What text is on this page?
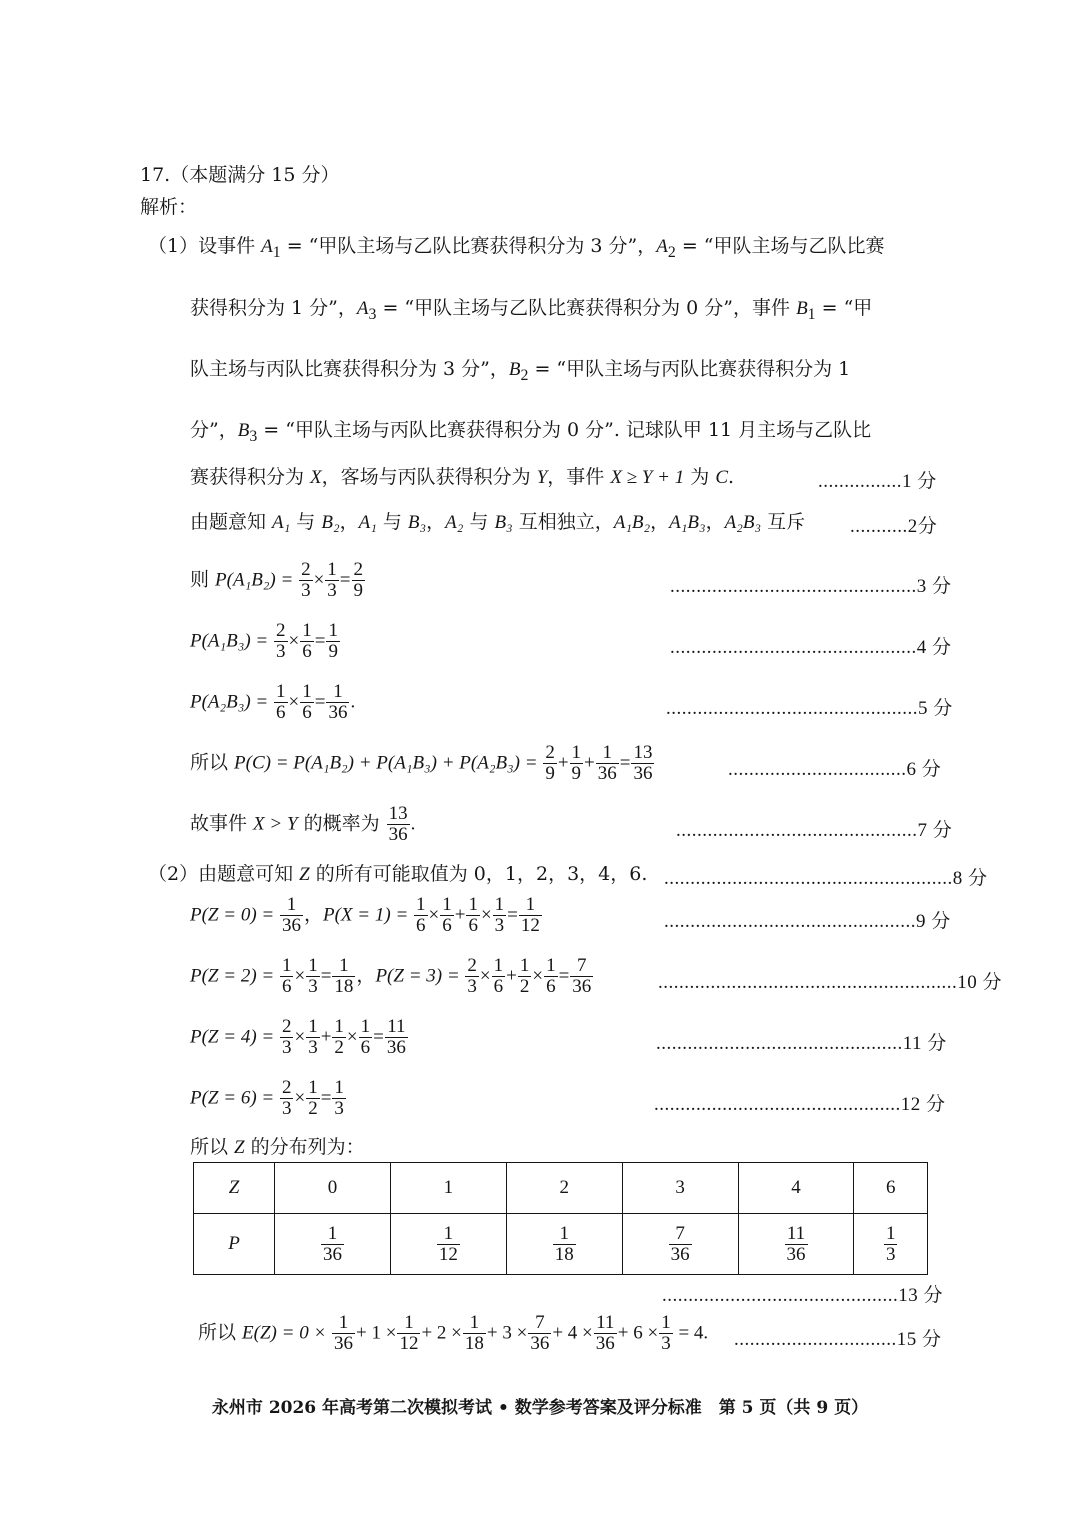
17.（本题满分 15 分）
解析：
（1）设事件 $A_1$ = “甲队主场与乙队比赛获得积分为 3 分”，$A_2$ = “甲队主场与乙队比赛
获得积分为 1 分”，$A_3$ = “甲队主场与乙队比赛获得积分为 0 分”，事件 $B_1$ = “甲
队主场与丙队比赛获得积分为 3 分”，$B_2$ = “甲队主场与丙队比赛获得积分为 1
分”，$B_3$ = “甲队主场与丙队比赛获得积分为 0 分”. 记球队甲 11 月主场与乙队比
赛获得积分为 X，客场与丙队获得积分为 Y，事件 X ≥ Y + 1 为 C.	................1 分
由题意知 A₁ 与 B₂，A₁ 与 B₃，A₂ 与 B₃ 互相独立，A₁B₂，A₁B₃，A₂B₃ 互斥 ...........2分
则 $P(A_1B_2) = \frac{2}{3} \times \frac{1}{3} = \frac{2}{9}$	...............................................3 分
$P(A_1B_3) = \frac{2}{3} \times \frac{1}{6} = \frac{1}{9}$	...............................................4 分
$P(A_2B_3) = \frac{1}{6} \times \frac{1}{6} = \frac{1}{36}$ .	................................................5 分
所以 $P(C) = P(A_1B_2) + P(A_1B_3) + P(A_2B_3) = \frac{2}{9} + \frac{1}{9} + \frac{1}{36} = \frac{13}{36}$	..................................6 分
故事件 X > Y 的概率为 $\frac{13}{36}$ .	..............................................7 分
（2）由题意可知 Z 的所有可能取值为 0，1，2，3，4，6. .......................................................8 分
$P(Z = 0) = \frac{1}{36}$ ，$P(X = 1) = \frac{1}{6} \times \frac{1}{6} + \frac{1}{6} \times \frac{1}{3} = \frac{1}{12}$	................................................9 分
$P(Z = 2) = \frac{1}{6} \times \frac{1}{3} = \frac{1}{18}$ ，$P(Z = 3) = \frac{2}{3} \times \frac{1}{6} + \frac{1}{2} \times \frac{1}{6} = \frac{7}{36}$	.........................................................10 分
$P(Z = 4) = \frac{2}{3} \times \frac{1}{3} + \frac{1}{2} \times \frac{1}{6} = \frac{11}{36}$	...............................................11 分
$P(Z = 6) = \frac{2}{3} \times \frac{1}{2} = \frac{1}{3}$	...............................................12 分
所以 Z 的分布列为：
Z	0	1	2	3	4	6
P	$\frac{1}{36}$	$\frac{1}{12}$	$\frac{1}{18}$	$\frac{7}{36}$	$\frac{11}{36}$	$\frac{1}{3}$
.............................................13 分
所以 $E(Z) = 0 \times \frac{1}{36} + 1 \times \frac{1}{12} + 2 \times \frac{1}{18} + 3 \times \frac{7}{36} + 4 \times \frac{11}{36} + 6 \times \frac{1}{3} = 4$. ...............................15 分
永州市 2026 年高考第二次模拟考试 • 数学参考答案及评分标准　第 5 页（共 9 页）
